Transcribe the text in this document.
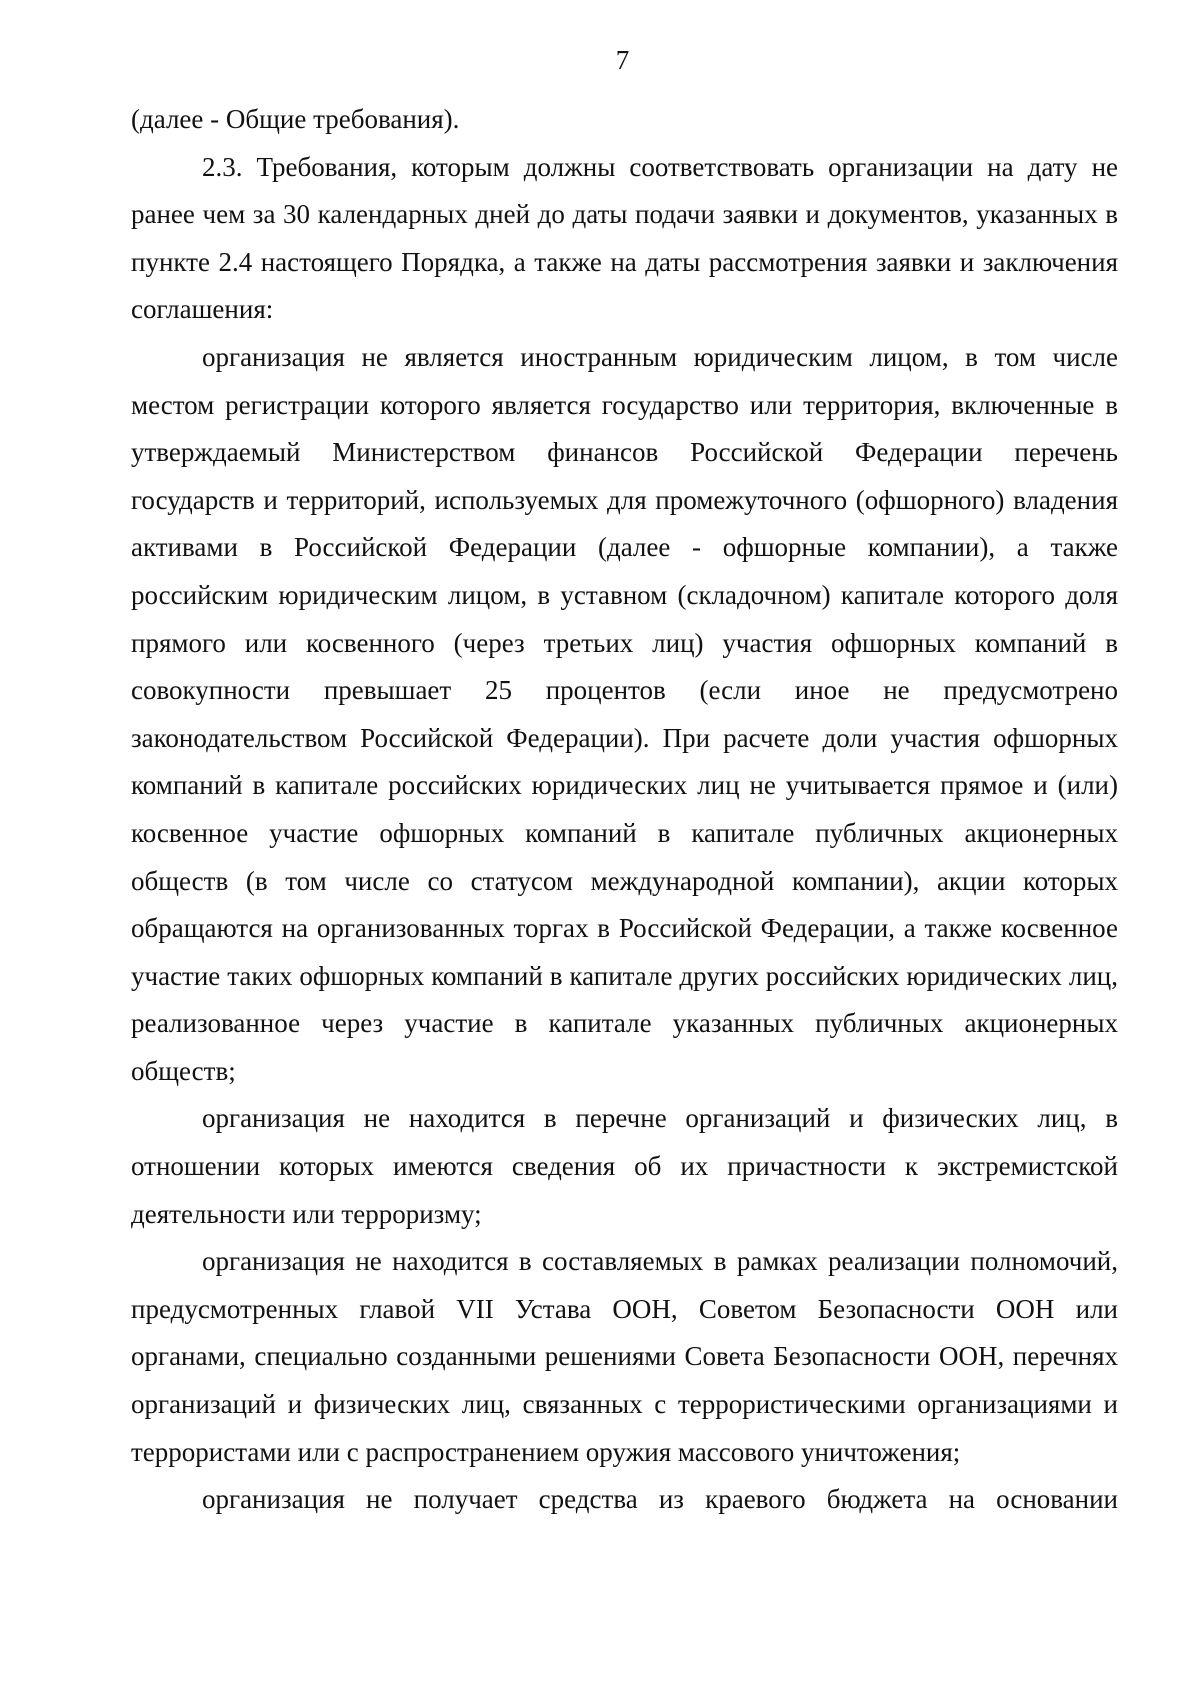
7

(далее - Общие требования).

2.3. Требования, которым должны соответствовать организации на дату не ранее чем за 30 календарных дней до даты подачи заявки и документов, указанных в пункте 2.4 настоящего Порядка, а также на даты рассмотрения заявки и заключения соглашения:

организация не является иностранным юридическим лицом, в том числе местом регистрации которого является государство или территория, включенные в утверждаемый Министерством финансов Российской Федерации перечень государств и территорий, используемых для промежуточного (офшорного) владения активами в Российской Федерации (далее - офшорные компании), а также российским юридическим лицом, в уставном (складочном) капитале которого доля прямого или косвенного (через третьих лиц) участия офшорных компаний в совокупности превышает 25 процентов (если иное не предусмотрено законодательством Российской Федерации). При расчете доли участия офшорных компаний в капитале российских юридических лиц не учитывается прямое и (или) косвенное участие офшорных компаний в капитале публичных акционерных обществ (в том числе со статусом международной компании), акции которых обращаются на организованных торгах в Российской Федерации, а также косвенное участие таких офшорных компаний в капитале других российских юридических лиц, реализованное через участие в капитале указанных публичных акционерных обществ;

организация не находится в перечне организаций и физических лиц, в отношении которых имеются сведения об их причастности к экстремистской деятельности или терроризму;

организация не находится в составляемых в рамках реализации полномочий, предусмотренных главой VII Устава ООН, Советом Безопасности ООН или органами, специально созданными решениями Совета Безопасности ООН, перечнях организаций и физических лиц, связанных с террористическими организациями и террористами или с распространением оружия массового уничтожения;

организация не получает средства из краевого бюджета на основании
